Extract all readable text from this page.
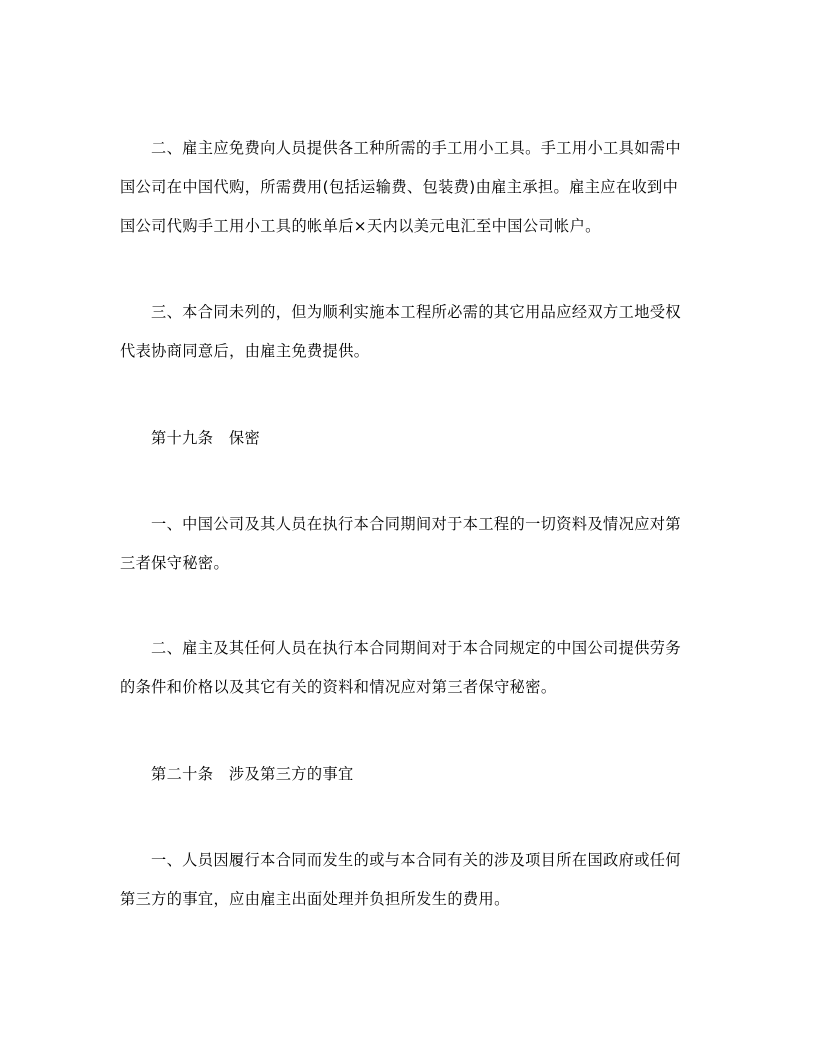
二、雇主应免费向人员提供各工种所需的手工用小工具。手工用小工具如需中
国公司在中国代购，所需费用(包括运输费、包装费)由雇主承担。雇主应在收到中
国公司代购手工用小工具的帐单后×天内以美元电汇至中国公司帐户。
三、本合同未列的，但为顺利实施本工程所必需的其它用品应经双方工地受权
代表协商同意后，由雇主免费提供。

第十九条　保密

一、中国公司及其人员在执行本合同期间对于本工程的一切资料及情况应对第
三者保守秘密。
二、雇主及其任何人员在执行本合同期间对于本合同规定的中国公司提供劳务
的条件和价格以及其它有关的资料和情况应对第三者保守秘密。

第二十条　涉及第三方的事宜

一、人员因履行本合同而发生的或与本合同有关的涉及项目所在国政府或任何
第三方的事宜，应由雇主出面处理并负担所发生的费用。
